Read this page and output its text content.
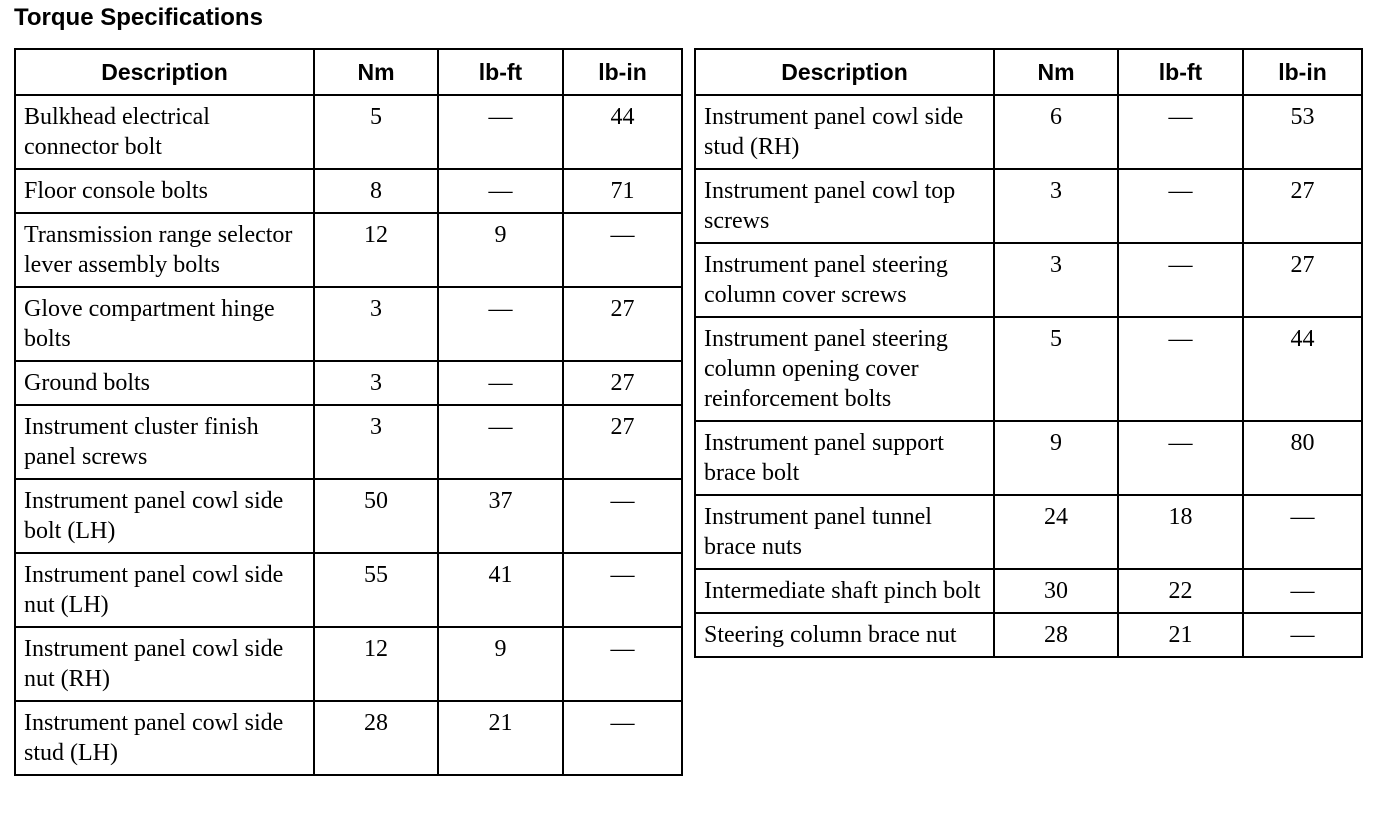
Torque Specifications
Description	Nm	lb-ft	lb-in
Bulkhead electrical connector bolt	5	—	44
Floor console bolts	8	—	71
Transmission range selector lever assembly bolts	12	9	—
Glove compartment hinge bolts	3	—	27
Ground bolts	3	—	27
Instrument cluster finish panel screws	3	—	27
Instrument panel cowl side bolt (LH)	50	37	—
Instrument panel cowl side nut (LH)	55	41	—
Instrument panel cowl side nut (RH)	12	9	—
Instrument panel cowl side stud (LH)	28	21	—
Description	Nm	lb-ft	lb-in
Instrument panel cowl side stud (RH)	6	—	53
Instrument panel cowl top screws	3	—	27
Instrument panel steering column cover screws	3	—	27
Instrument panel steering column opening cover reinforcement bolts	5	—	44
Instrument panel support brace bolt	9	—	80
Instrument panel tunnel brace nuts	24	18	—
Intermediate shaft pinch bolt	30	22	—
Steering column brace nut	28	21	—
